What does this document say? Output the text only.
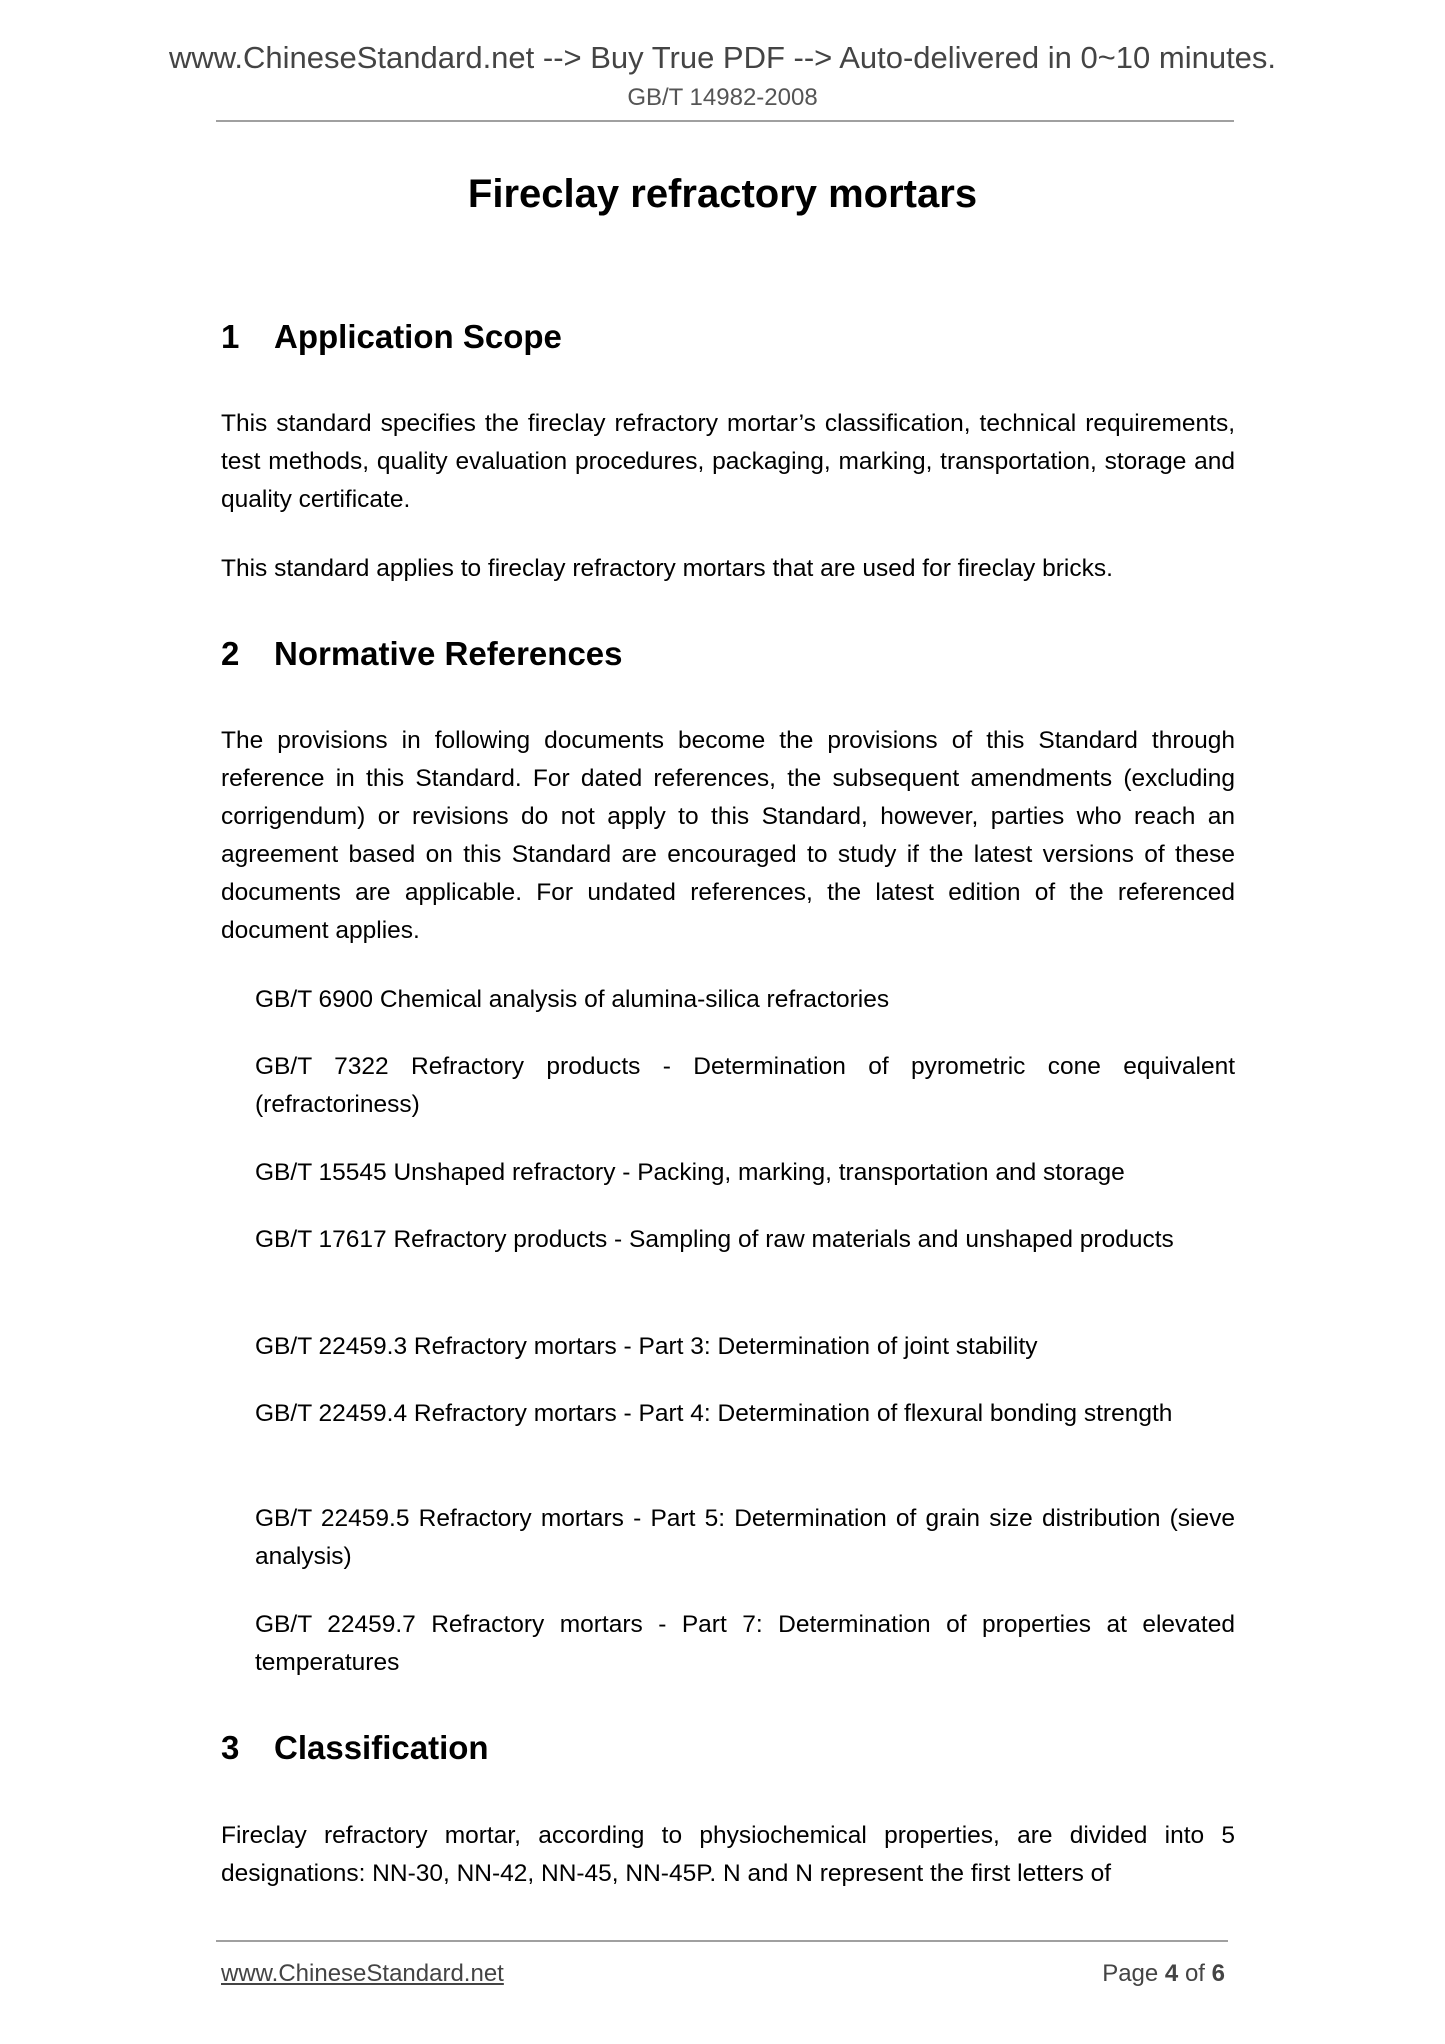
www.ChineseStandard.net --> Buy True PDF --> Auto-delivered in 0~10 minutes.
GB/T 14982-2008
Fireclay refractory mortars
1 Application Scope
This standard specifies the fireclay refractory mortar’s classification, technical requirements, test methods, quality evaluation procedures, packaging, marking, transportation, storage and quality certificate.
This standard applies to fireclay refractory mortars that are used for fireclay bricks.
2 Normative References
The provisions in following documents become the provisions of this Standard through reference in this Standard. For dated references, the subsequent amendments (excluding corrigendum) or revisions do not apply to this Standard, however, parties who reach an agreement based on this Standard are encouraged to study if the latest versions of these documents are applicable. For undated references, the latest edition of the referenced document applies.
GB/T 6900 Chemical analysis of alumina-silica refractories
GB/T 7322 Refractory products - Determination of pyrometric cone equivalent (refractoriness)
GB/T 15545 Unshaped refractory - Packing, marking, transportation and storage
GB/T 17617 Refractory products - Sampling of raw materials and unshaped products
GB/T 22459.3 Refractory mortars - Part 3: Determination of joint stability
GB/T 22459.4 Refractory mortars - Part 4: Determination of flexural bonding strength
GB/T 22459.5 Refractory mortars - Part 5: Determination of grain size distribution (sieve analysis)
GB/T 22459.7 Refractory mortars - Part 7: Determination of properties at elevated temperatures
3 Classification
Fireclay refractory mortar, according to physiochemical properties, are divided into 5 designations: NN-30, NN-42, NN-45, NN-45P. N and N represent the first letters of
www.ChineseStandard.net	Page 4 of 6
